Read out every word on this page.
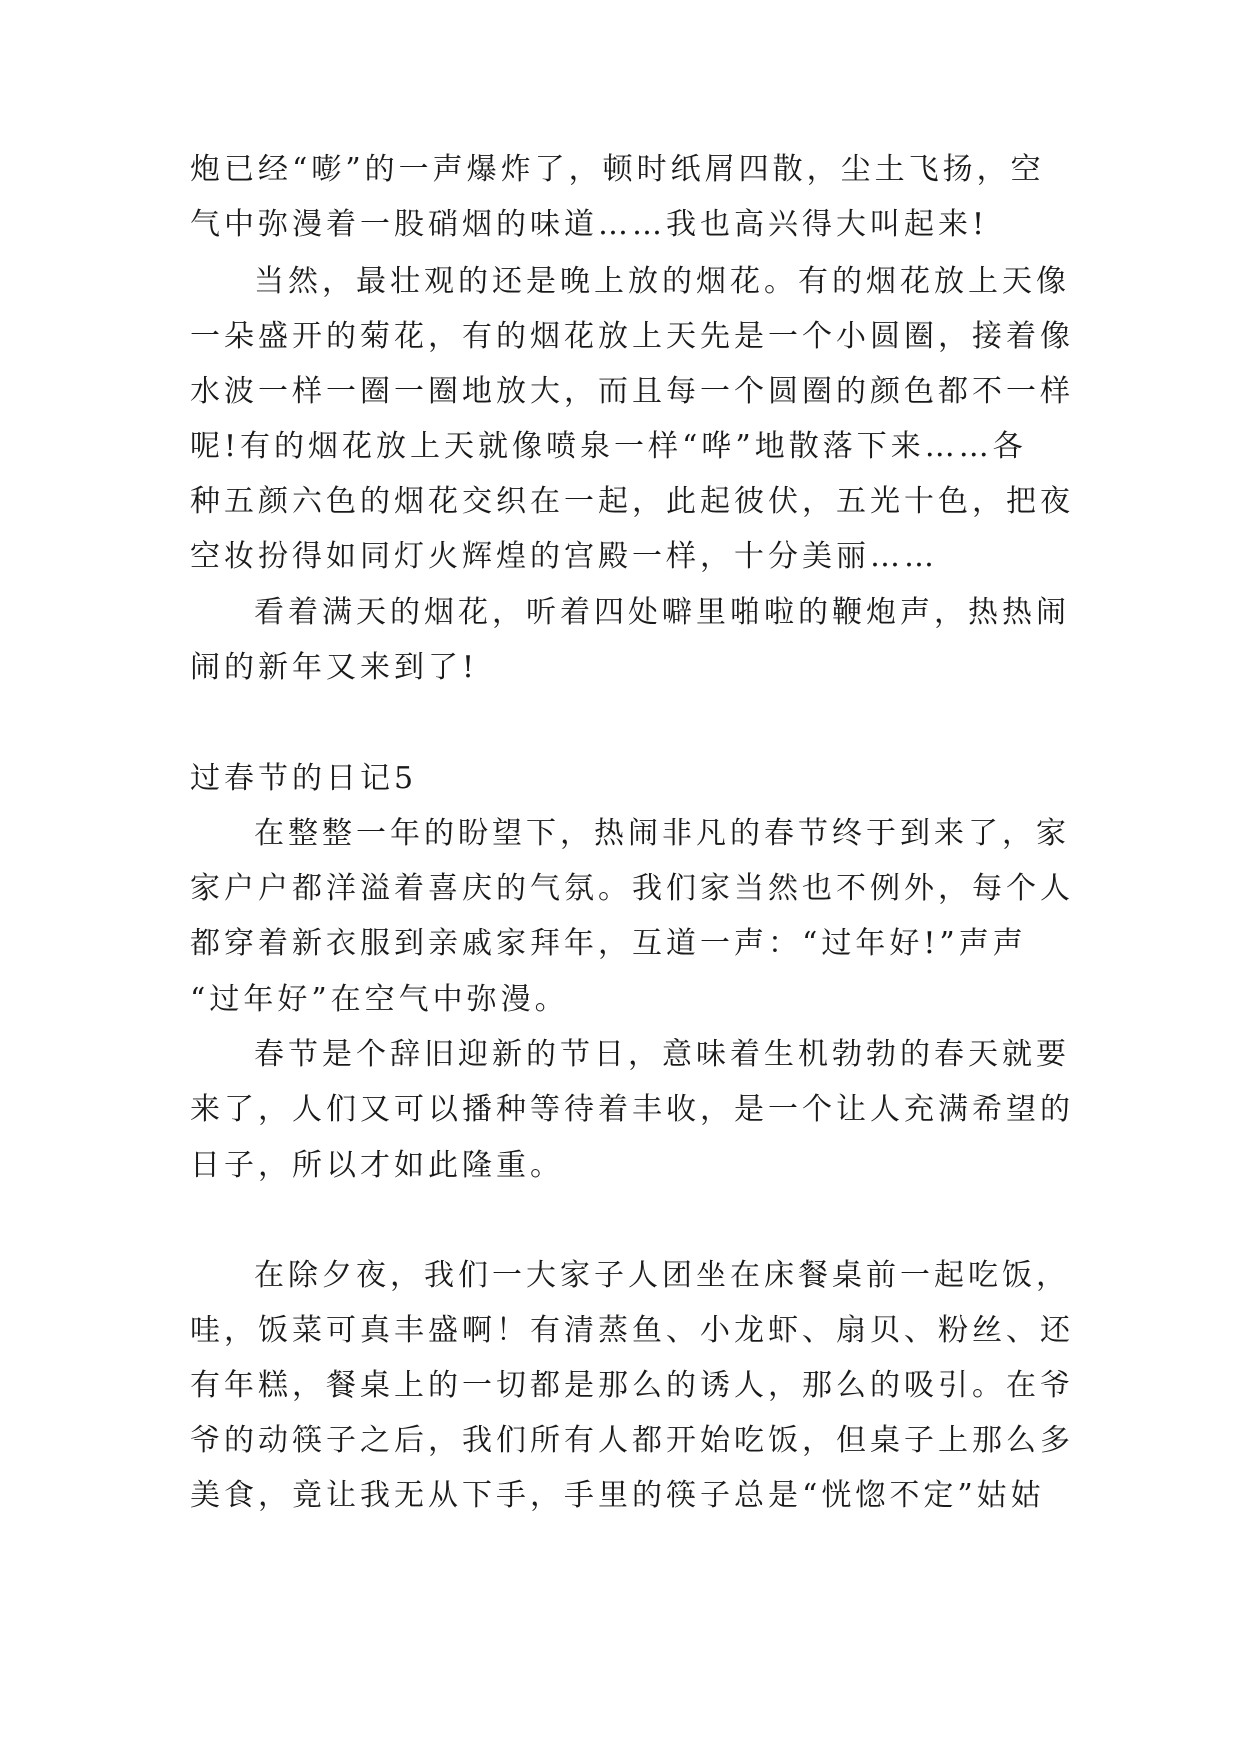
炮已经“嘭”的一声爆炸了，顿时纸屑四散，尘土飞扬，空
气中弥漫着一股硝烟的味道……我也高兴得大叫起来!
当然，最壮观的还是晚上放的烟花。有的烟花放上天像
一朵盛开的菊花，有的烟花放上天先是一个小圆圈，接着像
水波一样一圈一圈地放大，而且每一个圆圈的颜色都不一样
呢!有的烟花放上天就像喷泉一样“哗”地散落下来……各
种五颜六色的烟花交织在一起，此起彼伏，五光十色，把夜
空妆扮得如同灯火辉煌的宫殿一样，十分美丽……
看着满天的烟花，听着四处噼里啪啦的鞭炮声，热热闹
闹的新年又来到了!
过春节的日记5
在整整一年的盼望下，热闹非凡的春节终于到来了，家
家户户都洋溢着喜庆的气氛。我们家当然也不例外，每个人
都穿着新衣服到亲戚家拜年，互道一声：“过年好!”声声
“过年好”在空气中弥漫。
春节是个辞旧迎新的节日，意味着生机勃勃的春天就要
来了，人们又可以播种等待着丰收，是一个让人充满希望的
日子，所以才如此隆重。
在除夕夜，我们一大家子人团坐在床餐桌前一起吃饭，
哇，饭菜可真丰盛啊！有清蒸鱼、小龙虾、扇贝、粉丝、还
有年糕，餐桌上的一切都是那么的诱人，那么的吸引。在爷
爷的动筷子之后，我们所有人都开始吃饭，但桌子上那么多
美食，竟让我无从下手，手里的筷子总是“恍惚不定”姑姑
